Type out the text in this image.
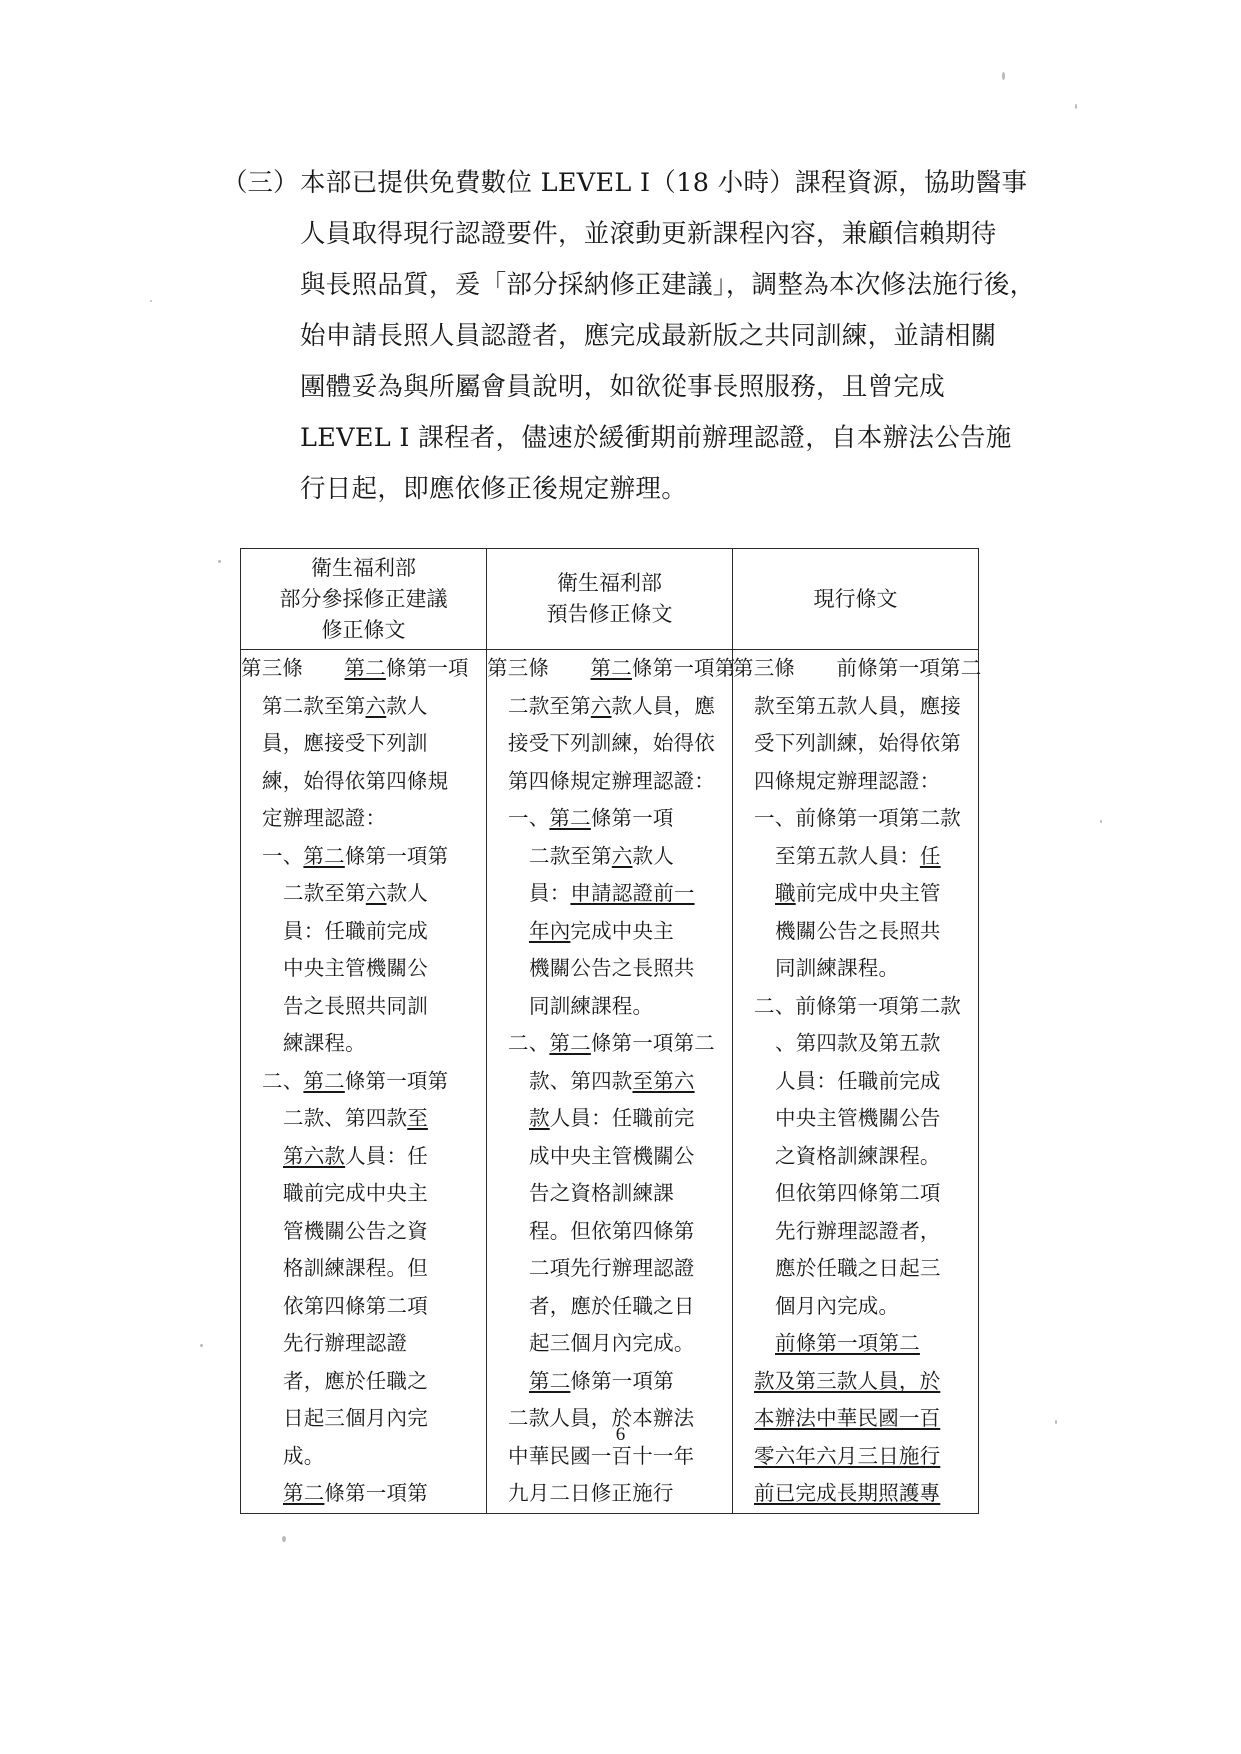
（三） 本部已提供免費數位 LEVEL I（18 小時）課程資源，協助醫事
人員取得現行認證要件，並滾動更新課程內容，兼顧信賴期待
與長照品質，爰「部分採納修正建議」，調整為本次修法施行後，
始申請長照人員認證者，應完成最新版之共同訓練，並請相關
團體妥為與所屬會員說明，如欲從事長照服務，且曾完成
LEVEL I 課程者，儘速於緩衝期前辦理認證，自本辦法公告施
行日起，即應依修正後規定辦理。
衛生福利部
部分參採修正建議
修正條文

衛生福利部
預告修正條文

現行條文

第三條　　 第二條第一項
第二款至第六款人
員，應接受下列訓
練，始得依第四條規
定辦理認證：
一、第二條第一項第
二款至第六款人
員：任職前完成
中央主管機關公
告之長照共同訓
練課程。
二、第二條第一項第
二款、第四款至
第六款人員：任
職前完成中央主
管機關公告之資
格訓練課程。但
依第四條第二項
先行辦理認證
者，應於任職之
日起三個月內完
成。
第二條第一項第

第三條　　 第二條第一項第
二款至第六款人員，應
接受下列訓練，始得依
第四條規定辦理認證：
一、第二條第一項
二款至第六款人
員：申請認證前一
年內完成中央主
機關公告之長照共
同訓練課程。
二、第二條第一項第二
款、第四款至第六
款人員：任職前完
成中央主管機關公
告之資格訓練課
程。但依第四條第
二項先行辦理認證
者，應於任職之日
起三個月內完成。
第二條第一項第
二款人員，於本辦法
中華民國一百十一年
九月二日修正施行

第三條　　 前條第一項第二
款至第五款人員，應接
受下列訓練，始得依第
四條規定辦理認證：
一、前條第一項第二款
至第五款人員：任
職前完成中央主管
機關公告之長照共
同訓練課程。
二、前條第一項第二款
、第四款及第五款
人員：任職前完成
中央主管機關公告
之資格訓練課程。
但依第四條第二項
先行辦理認證者，
應於任職之日起三
個月內完成。
前條第一項第二
款及第三款人員，於
本辦法中華民國一百
零六年六月三日施行
前已完成長期照護專
6
